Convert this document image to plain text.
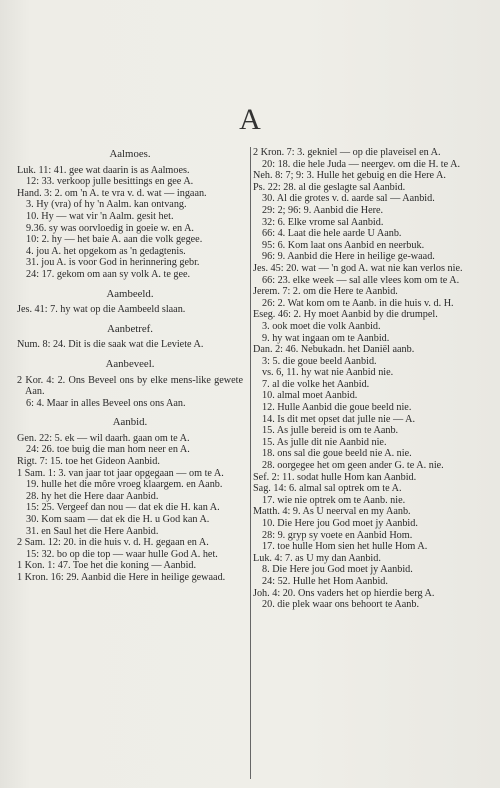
A
Aalmoes.
Luk. 11: 41. gee wat daarin is as Aalmoes.
12: 33. verkoop julle besittings en gee A.
Hand. 3: 2. om 'n A. te vra v. d. wat — ingaan.
3. Hy (vra) of hy 'n Aalm. kan ontvang.
10. Hy — wat vir 'n Aalm. gesit het.
9.36. sy was oorvloedig in goeie w. en A.
10: 2. hy — het baie A. aan die volk gegee.
4. jou A. het opgekom as 'n gedagtenis.
31. jou A. is voor God in herinnering gebr.
24: 17. gekom om aan sy volk A. te gee.
Aambeeld.
Jes. 41: 7. hy wat op die Aambeeld slaan.
Aanbetref.
Num. 8: 24. Dit is die saak wat die Leviete A.
Aanbeveel.
2 Kor. 4: 2. Ons Beveel ons by elke mens-like gewete Aan.
6: 4. Maar in alles Beveel ons ons Aan.
Aanbid.
Gen. 22: 5. ek — wil daarh. gaan om te A.
24: 26. toe buig die man hom neer en A.
Rigt. 7: 15. toe het Gideon Aanbid.
1 Sam. 1: 3. van jaar tot jaar opgegaan — om te A.
19. hulle het die môre vroeg klaargem. en Aanb.
28. hy het die Here daar Aanbid.
15: 25. Vergeef dan nou — dat ek die H. kan A.
30. Kom saam — dat ek die H. u God kan A.
31. en Saul het die Here Aanbid.
2 Sam. 12: 20. in die huis v. d. H. gegaan en A.
15: 32. bo op die top — waar hulle God A. het.
1 Kon. 1: 47. Toe het die koning — Aanbid.
1 Kron. 16: 29. Aanbid die Here in heilige gewaad.
2 Kron. 7: 3. gekniel — op die plaveisel en A.
20: 18. die hele Juda — neergev. om die H. te A.
Neh. 8: 7; 9: 3. Hulle het gebuig en die Here A.
Ps. 22: 28. al die geslagte sal Aanbid.
30. Al die grotes v. d. aarde sal — Aanbid.
29: 2; 96: 9. Aanbid die Here.
32: 6. Elke vrome sal Aanbid.
66: 4. Laat die hele aarde U Aanb.
95: 6. Kom laat ons Aanbid en neerbuk.
96: 9. Aanbid die Here in heilige ge-waad.
Jes. 45: 20. wat — 'n god A. wat nie kan verlos nie.
66: 23. elke week — sal alle vlees kom om te A.
Jerem. 7: 2. om die Here te Aanbid.
26: 2. Wat kom om te Aanb. in die huis v. d. H.
Eseg. 46: 2. Hy moet Aanbid by die drumpel.
3. ook moet die volk Aanbid.
9. hy wat ingaan om te Aanbid.
Dan. 2: 46. Nebukadn. het Daniël aanb.
3: 5. die goue beeld Aanbid.
vs. 6, 11. hy wat nie Aanbid nie.
7. al die volke het Aanbid.
10. almal moet Aanbid.
12. Hulle Aanbid die goue beeld nie.
14. Is dit met opset dat julle nie — A.
15. As julle bereid is om te Aanb.
15. As julle dit nie Aanbid nie.
18. ons sal die goue beeld nie A. nie.
28. oorgegee het om geen ander G. te A. nie.
Sef. 2: 11. sodat hulle Hom kan Aanbid.
Sag. 14: 6. almal sal optrek om te A.
17. wie nie optrek om te Aanb. nie.
Matth. 4: 9. As U neerval en my Aanb.
10. Die Here jou God moet jy Aanbid.
28: 9. gryp sy voete en Aanbid Hom.
17. toe hulle Hom sien het hulle Hom A.
Luk. 4: 7. as U my dan Aanbid.
8. Die Here jou God moet jy Aanbid.
24: 52. Hulle het Hom Aanbid.
Joh. 4: 20. Ons vaders het op hierdie berg A.
20. die plek waar ons behoort te Aanb.
